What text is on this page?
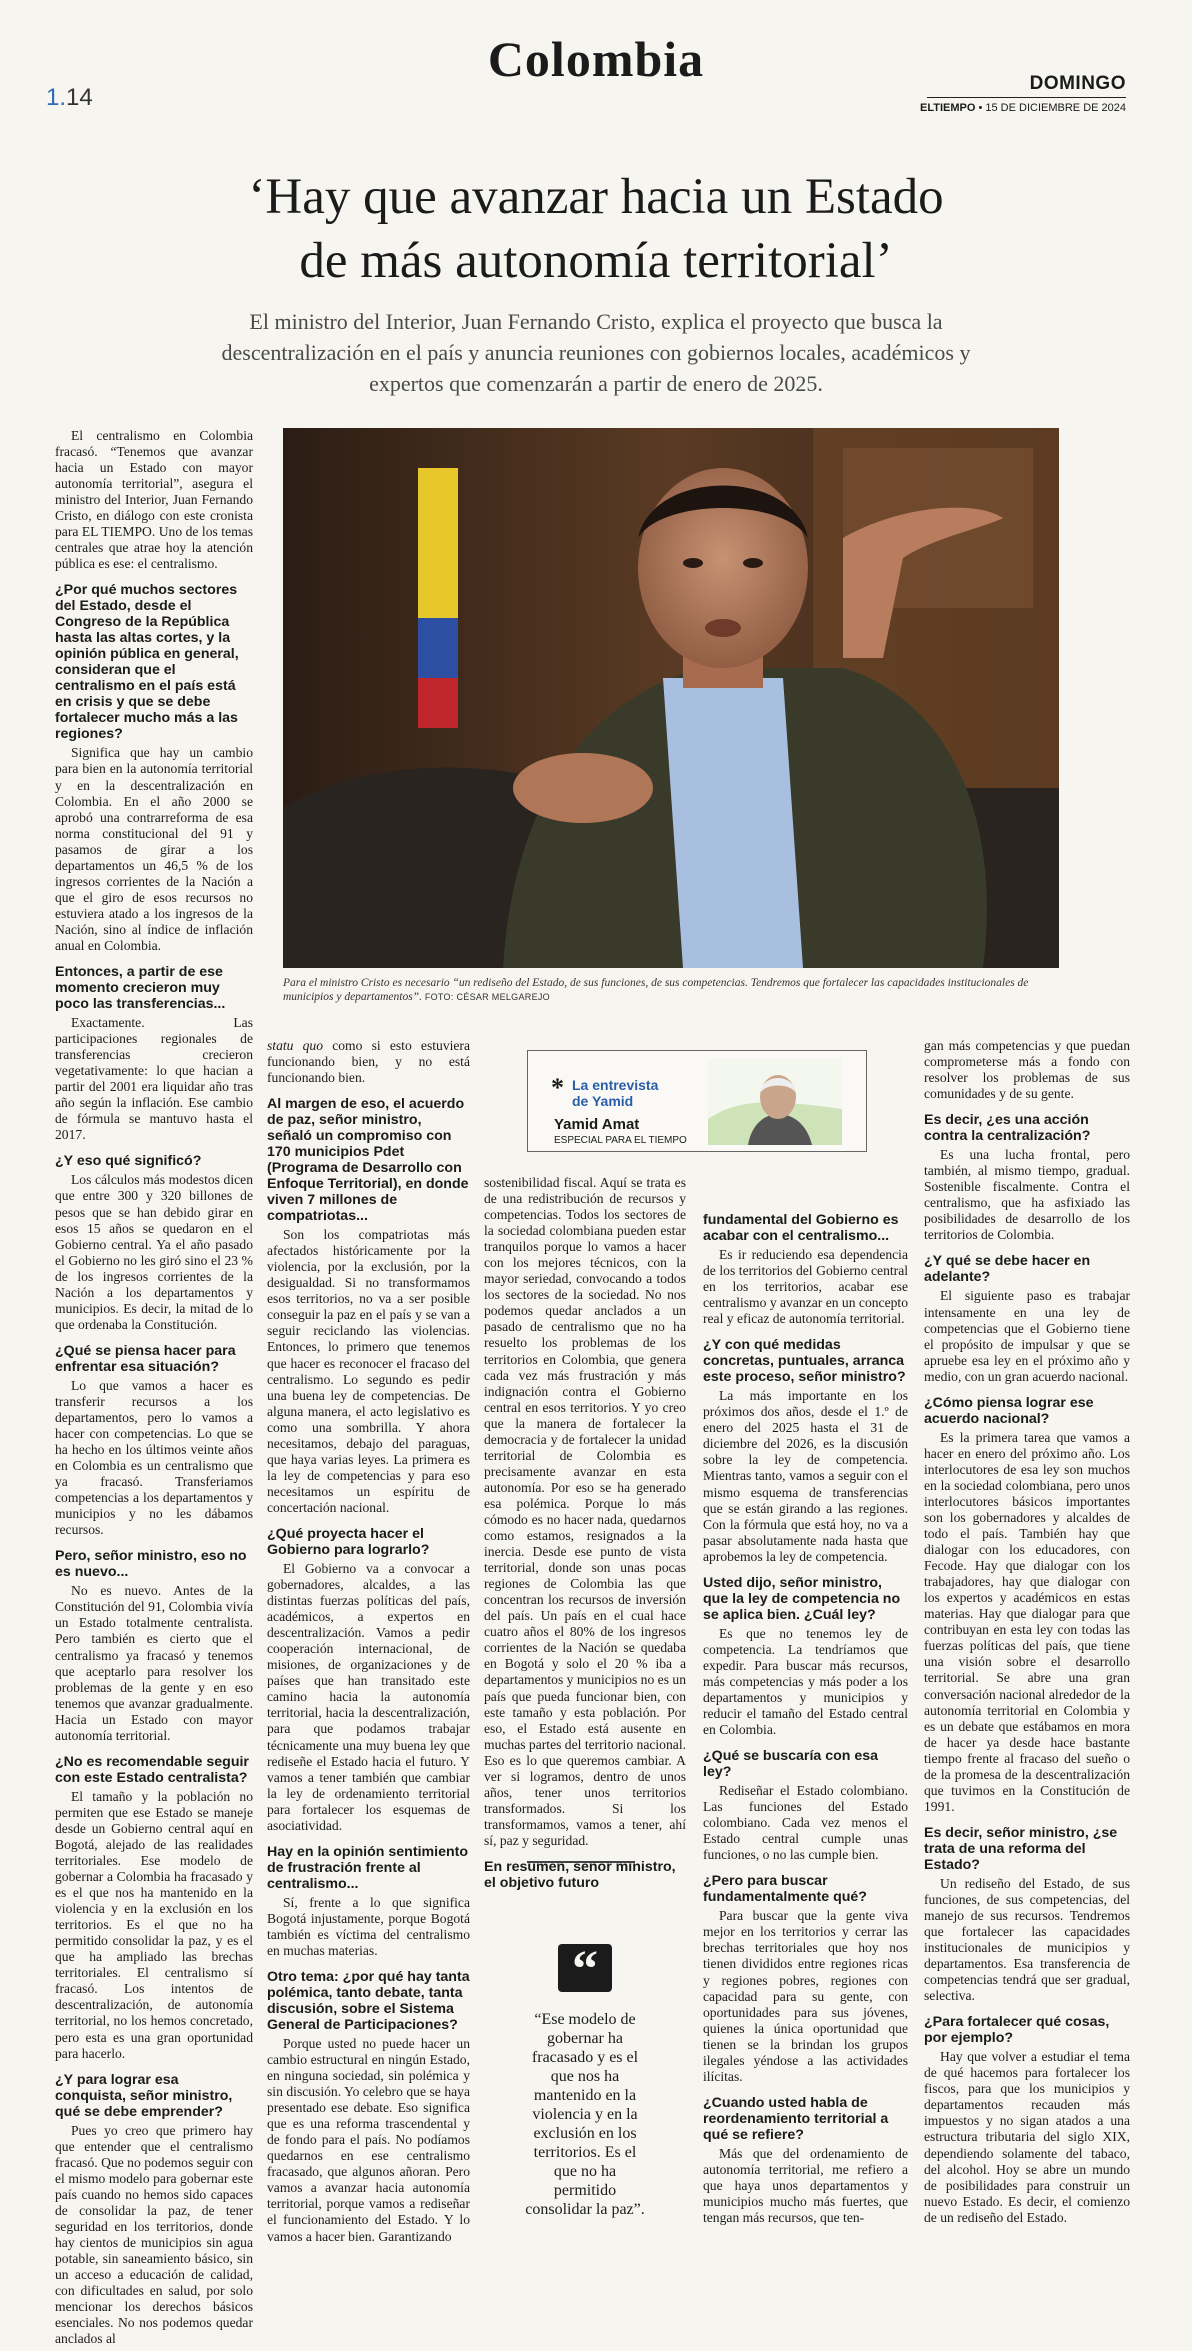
Colombia
1.14
DOMINGO
ELTIEMPO • 15 DE DICIEMBRE DE 2024
‘Hay que avanzar hacia un Estado
de más autonomía territorial’
El ministro del Interior, Juan Fernando Cristo, explica el proyecto que busca la descentralización en el país y anuncia reuniones con gobiernos locales, académicos y expertos que comenzarán a partir de enero de 2025.
Para el ministro Cristo es necesario “un rediseño del Estado, de sus funciones, de sus competencias. Tendremos que fortalecer las capacidades institucionales de municipios y departamentos”. FOTO: CÉSAR MELGAREJO

El centralismo en Colombia fracasó. “Tenemos que avanzar hacia un Estado con mayor autonomía territorial”, asegura el ministro del Interior, Juan Fernando Cristo, en diálogo con este cronista para EL TIEMPO. Uno de los temas centrales que atrae hoy la atención pública es ese: el centralismo.

¿Por qué muchos sectores del Estado, desde el Congreso de la República hasta las altas cortes, y la opinión pública en general, consideran que el centralismo en el país está en crisis y que se debe fortalecer mucho más a las regiones?

Significa que hay un cambio para bien en la autonomía territorial y en la descentralización en Colombia. En el año 2000 se aprobó una contrarreforma de esa norma constitucional del 91 y pasamos de girar a los departamentos un 46,5 % de los ingresos corrientes de la Nación a que el giro de esos recursos no estuviera atado a los ingresos de la Nación, sino al índice de inflación anual en Colombia.

Entonces, a partir de ese momento crecieron muy poco las transferencias...

Exactamente. Las participaciones regionales de transferencias crecieron vegetativamente: lo que hacian a partir del 2001 era liquidar año tras año según la inflación. Ese cambio de fórmula se mantuvo hasta el 2017.

¿Y eso qué significó?

Los cálculos más modestos dicen que entre 300 y 320 billones de pesos que se han debido girar en esos 15 años se quedaron en el Gobierno central. Ya el año pasado el Gobierno no les giró sino el 23 % de los ingresos corrientes de la Nación a los departamentos y municipios. Es decir, la mitad de lo que ordenaba la Constitución.

¿Qué se piensa hacer para enfrentar esa situación?

Lo que vamos a hacer es transferir recursos a los departamentos, pero lo vamos a hacer con competencias. Lo que se ha hecho en los últimos veinte años en Colombia es un centralismo que ya fracasó. Transferiamos competencias a los departamentos y municipios y no les dábamos recursos.

Pero, señor ministro, eso no es nuevo...

No es nuevo. Antes de la Constitución del 91, Colombia vivía un Estado totalmente centralista. Pero también es cierto que el centralismo ya fracasó y tenemos que aceptarlo para resolver los problemas de la gente y en eso tenemos que avanzar gradualmente. Hacia un Estado con mayor autonomía territorial.

¿No es recomendable seguir con este Estado centralista?

El tamaño y la población no permiten que ese Estado se maneje desde un Gobierno central aquí en Bogotá, alejado de las realidades territoriales. Ese modelo de gobernar a Colombia ha fracasado y es el que nos ha mantenido en la violencia y en la exclusión en los territorios. Es el que no ha permitido consolidar la paz, y es el que ha ampliado las brechas territoriales. El centralismo sí fracasó. Los intentos de descentralización, de autonomía territorial, no los hemos concretado, pero esta es una gran oportunidad para hacerlo.

¿Y para lograr esa conquista, señor ministro, qué se debe emprender?

Pues yo creo que primero hay que entender que el centralismo fracasó. Que no podemos seguir con el mismo modelo para gobernar este país cuando no hemos sido capaces de consolidar la paz, de tener seguridad en los territorios, donde hay cientos de municipios sin agua potable, sin saneamiento básico, sin un acceso a educación de calidad, con dificultades en salud, por solo mencionar los derechos básicos esenciales. No nos podemos quedar anclados al

statu quo como si esto estuviera funcionando bien, y no está funcionando bien.

Al margen de eso, el acuerdo de paz, señor ministro, señaló un compromiso con 170 municipios Pdet (Programa de Desarrollo con Enfoque Territorial), en donde viven 7 millones de compatriotas...

Son los compatriotas más afectados históricamente por la violencia, por la exclusión, por la desigualdad. Si no transformamos esos territorios, no va a ser posible conseguir la paz en el país y se van a seguir reciclando las violencias. Entonces, lo primero que tenemos que hacer es reconocer el fracaso del centralismo. Lo segundo es pedir una buena ley de competencias. De alguna manera, el acto legislativo es como una sombrilla. Y ahora necesitamos, debajo del paraguas, que haya varias leyes. La primera es la ley de competencias y para eso necesitamos un espíritu de concertación nacional.

¿Qué proyecta hacer el Gobierno para lograrlo?

El Gobierno va a convocar a gobernadores, alcaldes, a las distintas fuerzas políticas del país, académicos, a expertos en descentralización. Vamos a pedir cooperación internacional, de misiones, de organizaciones y de países que han transitado este camino hacia la autonomía territorial, hacia la descentralización, para que podamos trabajar técnicamente una muy buena ley que rediseñe el Estado hacia el futuro. Y vamos a tener también que cambiar la ley de ordenamiento territorial para fortalecer los esquemas de asociatividad.

Hay en la opinión sentimiento de frustración frente al centralismo...

Sí, frente a lo que significa Bogotá injustamente, porque Bogotá también es víctima del centralismo en muchas materias.

Otro tema: ¿por qué hay tanta polémica, tanto debate, tanta discusión, sobre el Sistema General de Participaciones?

Porque usted no puede hacer un cambio estructural en ningún Estado, en ninguna sociedad, sin polémica y sin discusión. Yo celebro que se haya presentado ese debate. Eso significa que es una reforma trascendental y de fondo para el país. No podíamos quedarnos en ese centralismo fracasado, que algunos añoran. Pero vamos a avanzar hacia autonomía territorial, porque vamos a rediseñar el funcionamiento del Estado. Y lo vamos a hacer bien. Garantizando

* La entrevista
de Yamid
Yamid Amat
ESPECIAL PARA EL TIEMPO

sostenibilidad fiscal. Aquí se trata es de una redistribución de recursos y competencias. Todos los sectores de la sociedad colombiana pueden estar tranquilos porque lo vamos a hacer con los mejores técnicos, con la mayor seriedad, convocando a todos los sectores de la sociedad. No nos podemos quedar anclados a un pasado de centralismo que no ha resuelto los problemas de los territorios en Colombia, que genera cada vez más frustración y más indignación contra el Gobierno central en esos territorios. Y yo creo que la manera de fortalecer la democracia y de fortalecer la unidad territorial de Colombia es precisamente avanzar en esta autonomía. Por eso se ha generado esa polémica. Porque lo más cómodo es no hacer nada, quedarnos como estamos, resignados a la inercia. Desde ese punto de vista territorial, donde son unas pocas regiones de Colombia las que concentran los recursos de inversión del país. Un país en el cual hace cuatro años el 80% de los ingresos corrientes de la Nación se quedaba en Bogotá y solo el 20 % iba a departamentos y municipios no es un país que pueda funcionar bien, con este tamaño y esta población. Por eso, el Estado está ausente en muchas partes del territorio nacional. Eso es lo que queremos cambiar. A ver si logramos, dentro de unos años, tener unos territorios transformados. Si los transformamos, vamos a tener, ahí sí, paz y seguridad.

En resumen, señor ministro, el objetivo futuro
“
“Ese modelo de gobernar ha fracasado y es el que nos ha mantenido en la violencia y en la exclusión en los territorios. Es el que no ha permitido consolidar la paz”.
fundamental del Gobierno es acabar con el centralismo...

Es ir reduciendo esa dependencia de los territorios del Gobierno central en los territorios, acabar ese centralismo y avanzar en un concepto real y eficaz de autonomía territorial.

¿Y con qué medidas concretas, puntuales, arranca este proceso, señor ministro?

La más importante en los próximos dos años, desde el 1.º de enero del 2025 hasta el 31 de diciembre del 2026, es la discusión sobre la ley de competencia. Mientras tanto, vamos a seguir con el mismo esquema de transferencias que se están girando a las regiones. Con la fórmula que está hoy, no va a pasar absolutamente nada hasta que aprobemos la ley de competencia.

Usted dijo, señor ministro, que la ley de competencia no se aplica bien. ¿Cuál ley?

Es que no tenemos ley de competencia. La tendríamos que expedir. Para buscar más recursos, más competencias y más poder a los departamentos y municipios y reducir el tamaño del Estado central en Colombia.

¿Qué se buscaría con esa ley?

Rediseñar el Estado colombiano. Las funciones del Estado colombiano. Cada vez menos el Estado central cumple unas funciones, o no las cumple bien.

¿Pero para buscar fundamentalmente qué?

Para buscar que la gente viva mejor en los territorios y cerrar las brechas territoriales que hoy nos tienen divididos entre regiones ricas y regiones pobres, regiones con capacidad para su gente, con oportunidades para sus jóvenes, quienes la única oportunidad que tienen se la brindan los grupos ilegales yéndose a las actividades ilícitas.

¿Cuando usted habla de reordenamiento territorial a qué se refiere?

Más que del ordenamiento de autonomía territorial, me refiero a que haya unos departamentos y municipios mucho más fuertes, que tengan más recursos, que ten-

gan más competencias y que puedan comprometerse más a fondo con resolver los problemas de sus comunidades y de su gente.

Es decir, ¿es una acción contra la centralización?

Es una lucha frontal, pero también, al mismo tiempo, gradual. Sostenible fiscalmente. Contra el centralismo, que ha asfixiado las posibilidades de desarrollo de los territorios de Colombia.

¿Y qué se debe hacer en adelante?

El siguiente paso es trabajar intensamente en una ley de competencias que el Gobierno tiene el propósito de impulsar y que se apruebe esa ley en el próximo año y medio, con un gran acuerdo nacional.

¿Cómo piensa lograr ese acuerdo nacional?

Es la primera tarea que vamos a hacer en enero del próximo año. Los interlocutores de esa ley son muchos en la sociedad colombiana, pero unos interlocutores básicos importantes son los gobernadores y alcaldes de todo el país. También hay que dialogar con los educadores, con Fecode. Hay que dialogar con los trabajadores, hay que dialogar con los expertos y académicos en estas materias. Hay que dialogar para que contribuyan en esta ley con todas las fuerzas políticas del país, que tiene una visión sobre el desarrollo territorial. Se abre una gran conversación nacional alrededor de la autonomía territorial en Colombia y es un debate que estábamos en mora de hacer ya desde hace bastante tiempo frente al fracaso del sueño o de la promesa de la descentralización que tuvimos en la Constitución de 1991.

Es decir, señor ministro, ¿se trata de una reforma del Estado?

Un rediseño del Estado, de sus funciones, de sus competencias, del manejo de sus recursos. Tendremos que fortalecer las capacidades institucionales de municipios y departamentos. Esa transferencia de competencias tendrá que ser gradual, selectiva.

¿Para fortalecer qué cosas, por ejemplo?

Hay que volver a estudiar el tema de qué hacemos para fortalecer los fiscos, para que los municipios y departamentos recauden más impuestos y no sigan atados a una estructura tributaria del siglo XIX, dependiendo solamente del tabaco, del alcohol. Hoy se abre un mundo de posibilidades para construir un nuevo Estado. Es decir, el comienzo de un rediseño del Estado.
